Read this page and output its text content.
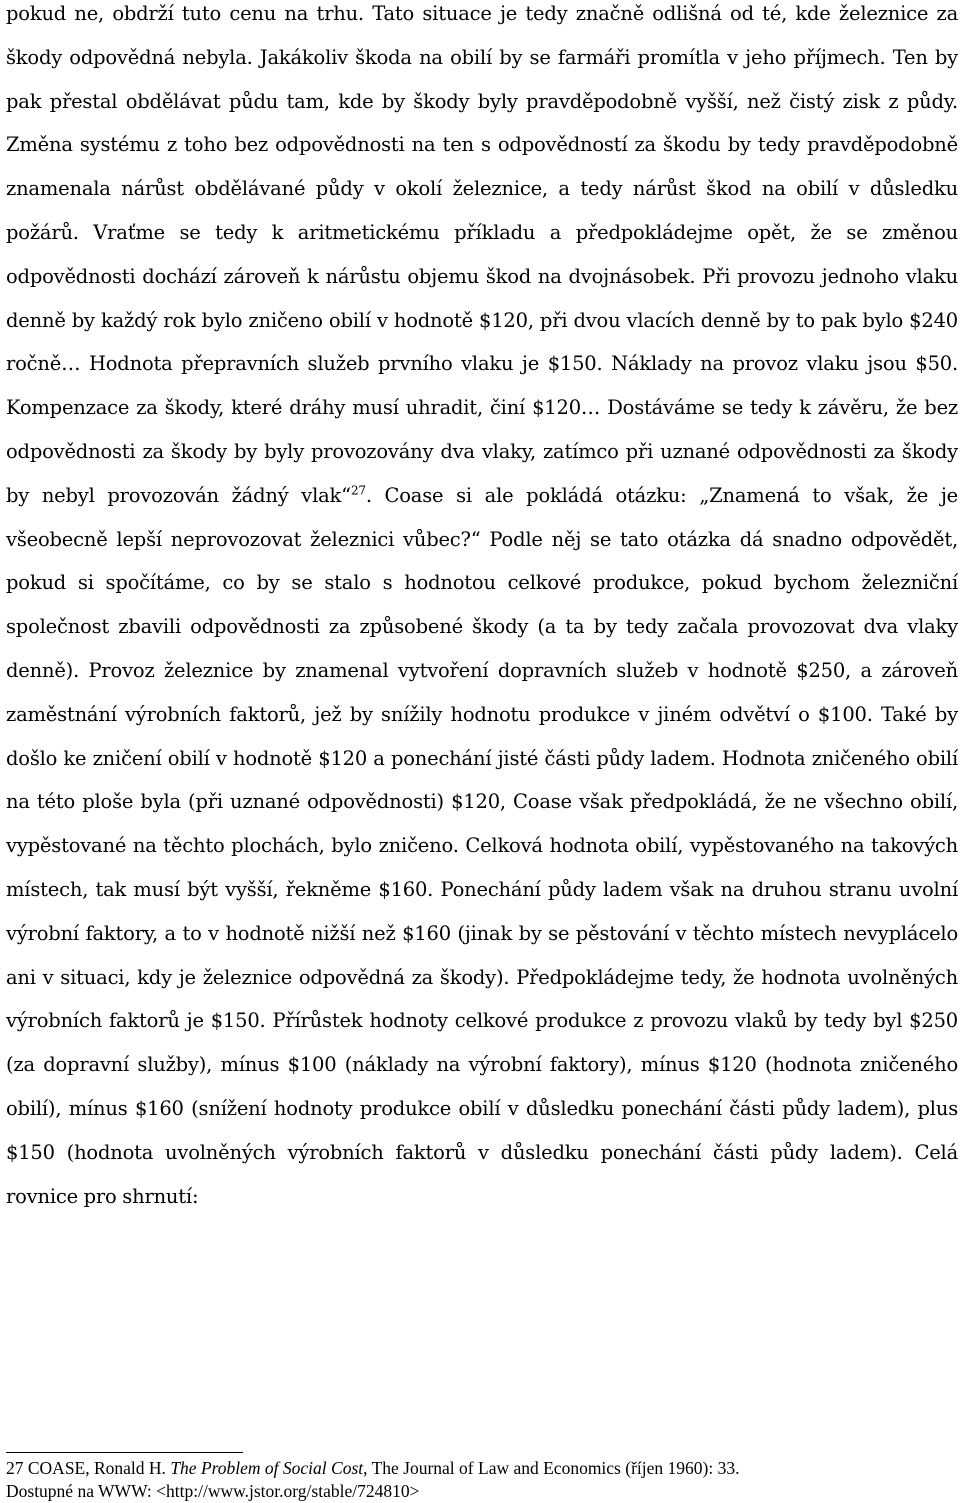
pokud ne, obdrží tuto cenu na trhu. Tato situace je tedy značně odlišná od té, kde železnice za škody odpovědná nebyla. Jakákoliv škoda na obilí by se farmáři promítla v jeho příjmech. Ten by pak přestal obdělávat půdu tam, kde by škody byly pravděpodobně vyšší, než čistý zisk z půdy. Změna systému z toho bez odpovědnosti na ten s odpovědností za škodu by tedy pravděpodobně znamenala nárůst obdělávané půdy v okolí železnice, a tedy nárůst škod na obilí v důsledku požárů. Vraťme se tedy k aritmetickému příkladu a předpokládejme opět, že se změnou odpovědnosti dochází zároveň k nárůstu objemu škod na dvojnásobek. Při provozu jednoho vlaku denně by každý rok bylo zničeno obilí v hodnotě $120, při dvou vlacích denně by to pak bylo $240 ročně… Hodnota přepravních služeb prvního vlaku je $150. Náklady na provoz vlaku jsou $50. Kompenzace za škody, které dráhy musí uhradit, činí $120… Dostáváme se tedy k závěru, že bez odpovědnosti za škody by byly provozovány dva vlaky, zatímco při uznané odpovědnosti za škody by nebyl provozován žádný vlak“$^{27}$. Coase si ale pokládá otázku: „Znamená to však, že je všeobecně lepší neprovozovat železnici vůbec?“ Podle něj se tato otázka dá snadno odpovědět, pokud si spočítáme, co by se stalo s hodnotou celkové produkce, pokud bychom železniční společnost zbavili odpovědnosti za způsobené škody (a ta by tedy začala provozovat dva vlaky denně). Provoz železnice by znamenal vytvoření dopravních služeb v hodnotě $250, a zároveň zaměstnání výrobních faktorů, jež by snížily hodnotu produkce v jiném odvětví o $100. Také by došlo ke zničení obilí v hodnotě $120 a ponechání jisté části půdy ladem. Hodnota zničeného obilí na této ploše byla (při uznané odpovědnosti) $120, Coase však předpokládá, že ne všechno obilí, vypěstované na těchto plochách, bylo zničeno. Celková hodnota obilí, vypěstovaného na takových místech, tak musí být vyšší, řekněme $160. Ponechání půdy ladem však na druhou stranu uvolní výrobní faktory, a to v hodnotě nižší než $160 (jinak by se pěstování v těchto místech nevyplácelo ani v situaci, kdy je železnice odpovědná za škody). Předpokládejme tedy, že hodnota uvolněných výrobních faktorů je $150. Přírůstek hodnoty celkové produkce z provozu vlaků by tedy byl $250 (za dopravní služby), mínus $100 (náklady na výrobní faktory), mínus $120 (hodnota zničeného obilí), mínus $160 (snížení hodnoty produkce obilí v důsledku ponechání části půdy ladem), plus $150 (hodnota uvolněných výrobních faktorů v důsledku ponechání části půdy ladem). Celá rovnice pro shrnutí:

27 COASE, Ronald H. The Problem of Social Cost, The Journal of Law and Economics (říjen 1960): 33.
Dostupné na WWW: <http://www.jstor.org/stable/724810>
